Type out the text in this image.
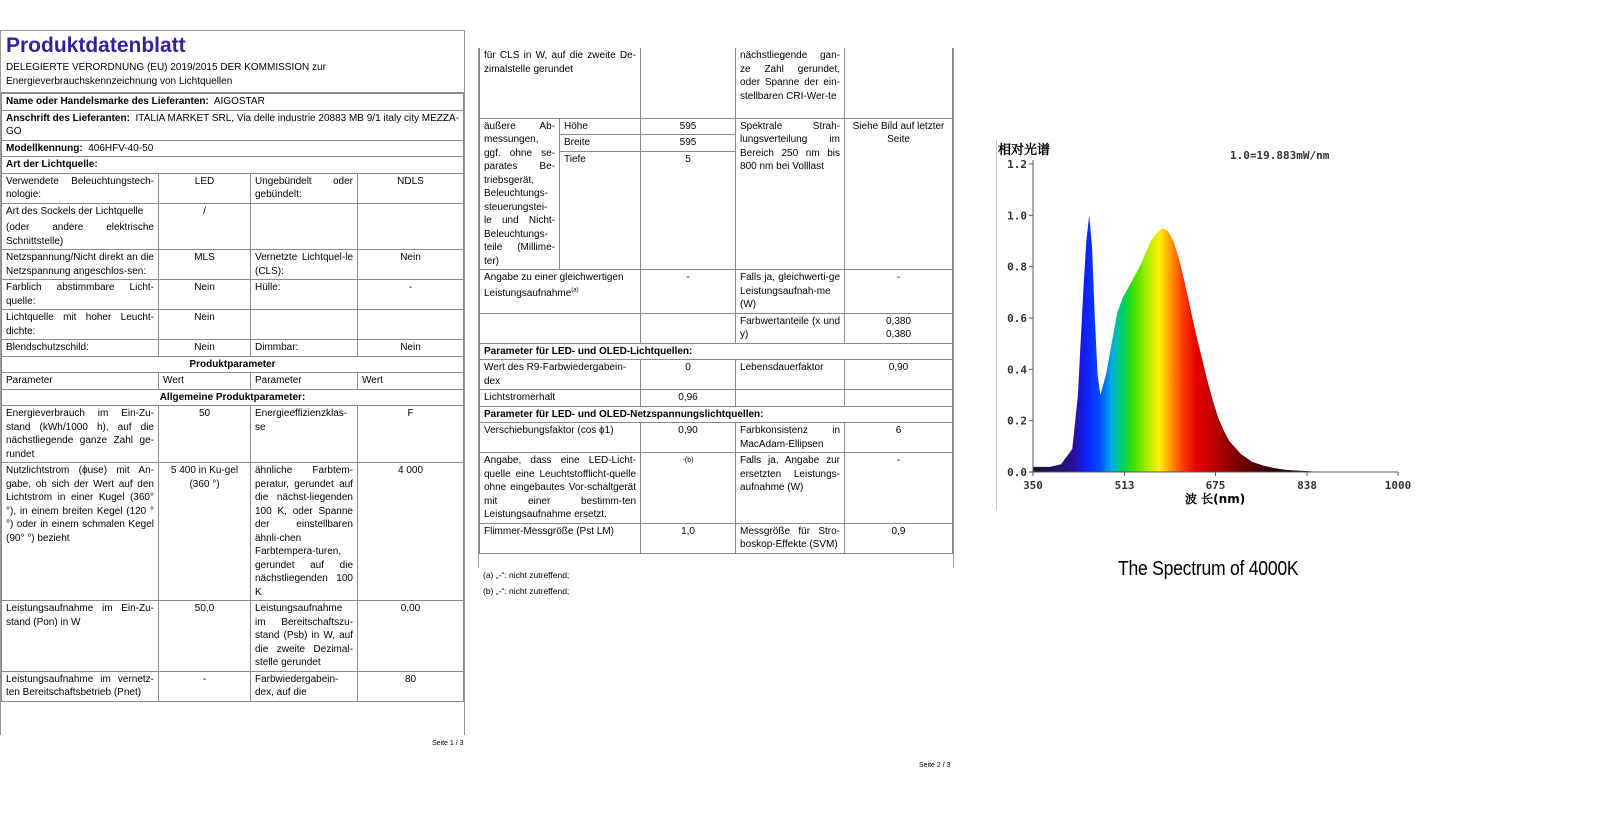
Produktdatenblatt
DELEGIERTE VERORDNUNG (EU) 2019/2015 DER KOMMISSION zur Energieverbrauchskennzeichnung von Lichtquellen
Name oder Handelsmarke des Lieferanten: AIGOSTAR			
Anschrift des Lieferanten: ITALIA MARKET SRL, Via delle industrie 20883 MB 9/1 italy city MEZZA-GO			
Modellkennung: 406HFV-40-50			
Art der Lichtquelle:			
Verwendete Beleuchtungstech-nologie:	LED	Ungebündelt oder gebündelt:	NDLS

Art des Sockels der Lichtquelle
(oder andere elektrische Schnittstelle)	/		
Netzspannung/Nicht direkt an die Netzspannung angeschlos-sen:	MLS	Vernetzte Lichtquel-le (CLS):	Nein
Farblich abstimmbare Licht-quelle:	Nein	Hülle:	-
Lichtquelle mit hoher Leucht-dichte:	Nein		
Blendschutzschild:	Nein	Dimmbar:	Nein
Produktparameter			
Parameter	Wert	Parameter	Wert
Allgemeine Produktparameter:			
Energieverbrauch im Ein-Zu-stand (kWh/1000 h), auf die nächstliegende ganze Zahl ge-rundet	50	Energieeffizienzklas-se	F
Nutzlichtstrom (ϕuse) mit An-gabe, ob sich der Wert auf den Lichtstrom in einer Kugel (360° °), in einem breiten Kegel (120 °°) oder in einem schmalen Kegel (90° °) bezieht	5 400 in Ku-gel (360 °)	ähnliche Farbtem-peratur, gerundet auf die nächst-liegenden 100 K, oder Spanne der einstellbaren ähnli-chen Farbtempera-turen, gerundet auf die nächstliegenden 100 K	4 000
Leistungsaufnahme im Ein-Zu-stand (Pon) in W	50,0	Leistungsaufnahme im Bereitschaftszu-stand (Psb) in W, auf die zweite Dezimal-stelle gerundet	0,00
Leistungsaufnahme im vernetz-ten Bereitschaftsbetrieb (Pnet)	-	Farbwiedergabein-dex, auf die	80
Seite 1 / 3
für CLS in W, auf die zweite De-zimalstelle gerundet			nächstliegende gan-ze Zahl gerundet, oder Spanne der ein-stellbaren CRI-Wer-te	
äußere Ab-messungen, ggf. ohne se-parates Be-triebsgerät, Beleuchtungs-steuerungstei-le und Nicht-Beleuchtungs-teile (Millime-ter)	Höhe	595	Spektrale Strah-lungsverteilung im Bereich 250 nm bis 800 nm bei Volllast	Siehe Bild auf letzter Seite
	Breite	595		
	Tiefe	5		
Angabe zu einer gleichwertigen Leistungsaufnahme$^{(a)}$		-	Falls ja, gleichwerti-ge Leistungsaufnah-me (W)	-
			Farbwertanteile (x und y)	0,380
0,380
Parameter für LED- und OLED-Lichtquellen:				
Wert des R9-Farbwiedergabein-dex		0	Lebensdauerfaktor	0,90
Lichtstromerhalt		0,96		
Parameter für LED- und OLED-Netzspannungslichtquellen:				
Verschiebungsfaktor (cos ϕ1)		0,90	Farbkonsistenz in MacAdam-Ellipsen	6
Angabe, dass eine LED-Licht-quelle eine Leuchtstofflicht-quelle ohne eingebautes Vor-schaltgerät mit einer bestimm-ten Leistungsaufnahme ersetzt.		-(b)	Falls ja, Angabe zur ersetzten Leistungs-aufnahme (W)	-
Flimmer-Messgröße (Pst LM)		1,0	Messgröße für Stro-boskop-Effekte (SVM)	0,9
(a) „-“: nicht zutreffend;
(b) „-“: nicht zutreffend;
Seite 2 / 3
0.0
0.2
0.4
0.6
0.8
1.0
1.2
350	513	675	838	1000
相对光谱	1.0=19.883mW/nm
波 长(nm)
The Spectrum of 4000K
